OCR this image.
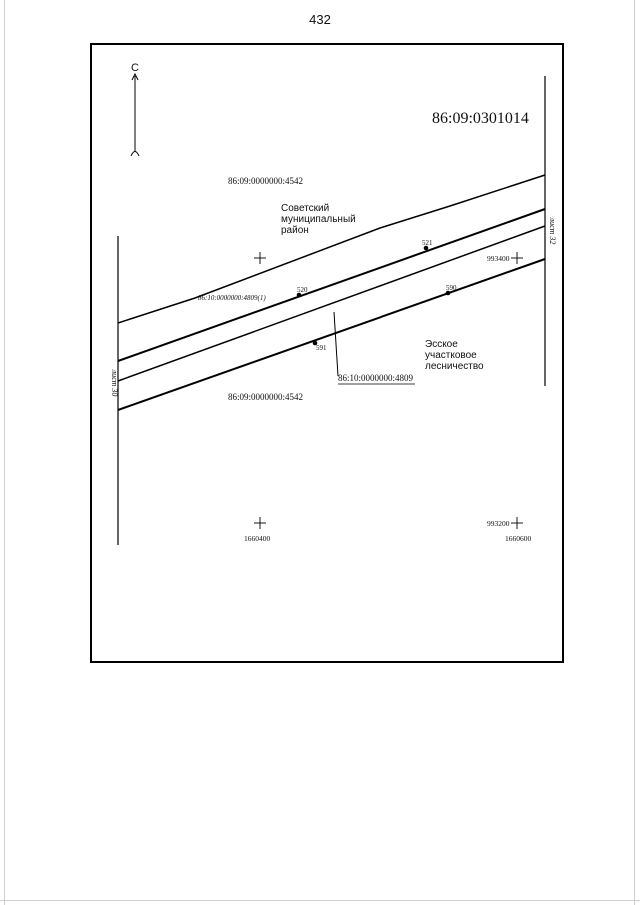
432
С
86:09:0301014
лист 30
лист 32
520
521
590
591
86:09:0000000:4542
86:09:0000000:4542
Советский
муниципальный
район
Эсское
участковое
лесничество
86:10:0000000:4809(1)
86:10:0000000:4809
993400
993200
1660400	1660600
